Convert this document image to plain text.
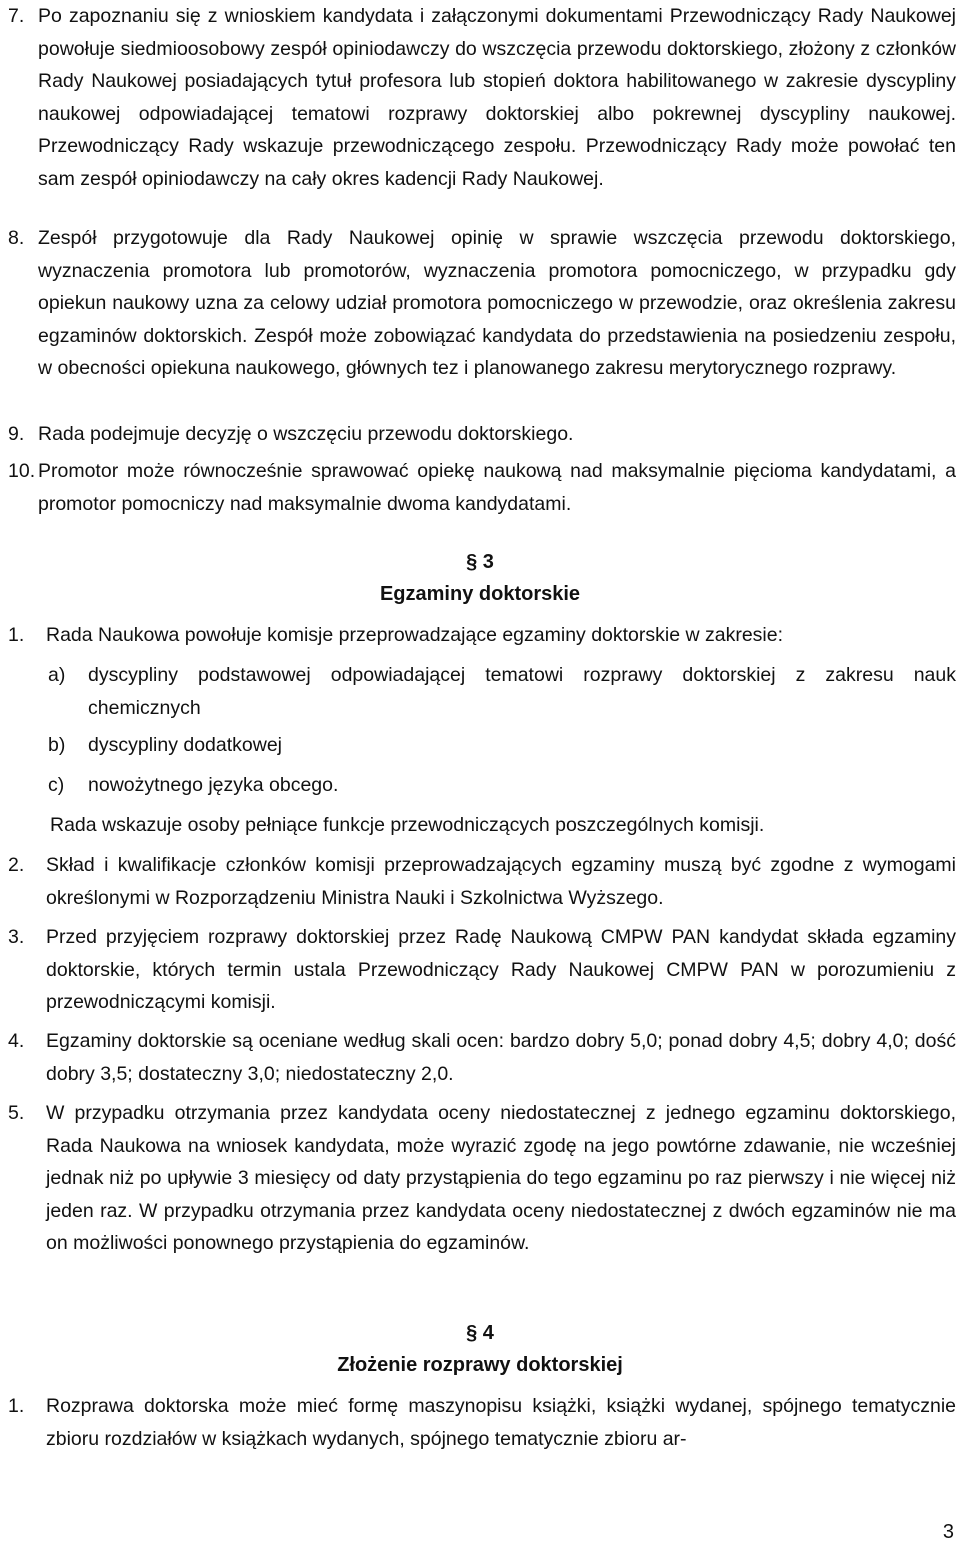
7. Po zapoznaniu się z wnioskiem kandydata i załączonymi dokumentami Przewodniczący Rady Naukowej powołuje siedmioosobowy zespół opiniodawczy do wszczęcia przewodu doktorskiego, złożony z członków Rady Naukowej posiadających tytuł profesora lub stopień doktora habilitowanego w zakresie dyscypliny naukowej odpowiadającej tematowi rozprawy doktorskiej albo pokrewnej dyscypliny naukowej. Przewodniczący Rady wskazuje przewodniczącego zespołu. Przewodniczący Rady może powołać ten sam zespół opiniodawczy na cały okres kadencji Rady Naukowej.
8. Zespół przygotowuje dla Rady Naukowej opinię w sprawie wszczęcia przewodu doktorskiego, wyznaczenia promotora lub promotorów, wyznaczenia promotora pomocniczego, w przypadku gdy opiekun naukowy uzna za celowy udział promotora pomocniczego w przewodzie, oraz określenia zakresu egzaminów doktorskich. Zespół może zobowiązać kandydata do przedstawienia na posiedzeniu zespołu, w obecności opiekuna naukowego, głównych tez i planowanego zakresu merytorycznego rozprawy.
9. Rada podejmuje decyzję o wszczęciu przewodu doktorskiego.
10. Promotor może równocześnie sprawować opiekę naukową nad maksymalnie pięcioma kandydatami, a promotor pomocniczy nad maksymalnie dwoma kandydatami.
§ 3
Egzaminy doktorskie
1.	Rada Naukowa powołuje komisje przeprowadzające egzaminy doktorskie w zakresie:
a)	dyscypliny podstawowej odpowiadającej tematowi rozprawy doktorskiej z zakresu nauk chemicznych
b)	dyscypliny dodatkowej
c)	nowożytnego języka obcego.
Rada wskazuje osoby pełniące funkcje przewodniczących poszczególnych komisji.
2.	Skład i kwalifikacje członków komisji przeprowadzających egzaminy muszą być zgodne z wymogami określonymi w Rozporządzeniu Ministra Nauki i Szkolnictwa Wyższego.
3.	Przed przyjęciem rozprawy doktorskiej przez Radę Naukową CMPW PAN kandydat składa egzaminy doktorskie, których termin ustala Przewodniczący Rady Naukowej CMPW PAN w porozumieniu z przewodniczącymi komisji.
4.	Egzaminy doktorskie są oceniane według skali ocen: bardzo dobry 5,0; ponad dobry 4,5; dobry 4,0; dość dobry 3,5; dostateczny 3,0; niedostateczny 2,0.
5.	W przypadku otrzymania przez kandydata oceny niedostatecznej z jednego egzaminu doktorskiego, Rada Naukowa na wniosek kandydata, może wyrazić zgodę na jego powtórne zdawanie, nie wcześniej jednak niż po upływie 3 miesięcy od daty przystąpienia do tego egzaminu po raz pierwszy i nie więcej niż jeden raz. W przypadku otrzymania przez kandydata oceny niedostatecznej z dwóch egzaminów nie ma on możliwości ponownego przystąpienia do egzaminów.
§ 4
Złożenie rozprawy doktorskiej
1.	Rozprawa doktorska może mieć formę maszynopisu książki, książki wydanej, spójnego tematycznie zbioru rozdziałów w książkach wydanych, spójnego tematycznie zbioru ar-
3
